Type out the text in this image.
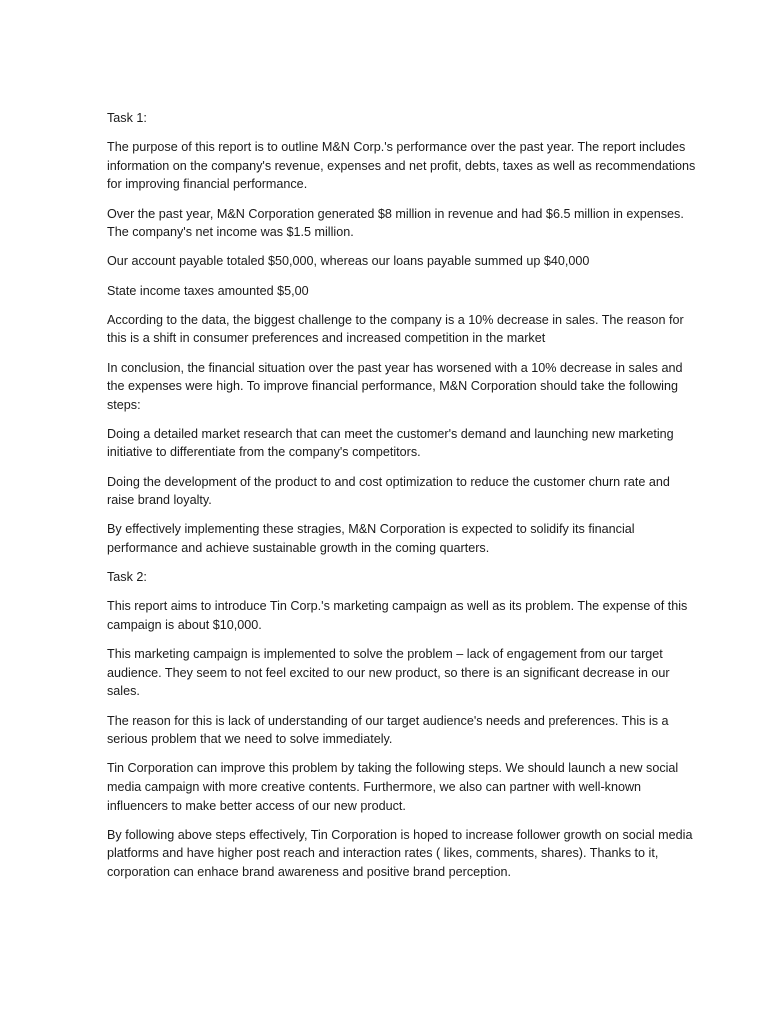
Task 1:

The purpose of this report is to outline M&N Corp.'s performance over the past year. The report includes information on the company's revenue, expenses and net profit, debts, taxes as well as recommendations for improving financial performance.

Over the past year, M&N Corporation generated $8 million in revenue and had $6.5 million in expenses. The company's net income was $1.5 million.

Our account payable totaled $50,000, whereas our loans payable summed up $40,000

State income taxes amounted $5,00

According to the data, the biggest challenge to the company is a 10% decrease in sales. The reason for this is a shift in consumer preferences and increased competition in the market

In conclusion, the financial situation over the past year has worsened with a 10% decrease in sales and the expenses were high. To improve financial performance, M&N Corporation should take the following steps:

Doing a detailed market research that can meet the customer's demand and launching new marketing initiative to differentiate from the company's competitors.

Doing the development of the product to and cost optimization to reduce the customer churn rate and raise brand loyalty.

By effectively implementing these stragies, M&N Corporation is expected to solidify its financial performance and achieve sustainable growth in the coming quarters.

Task 2:

This report aims to introduce Tin Corp.'s marketing campaign as well as its problem. The expense of this campaign is about $10,000.

This marketing campaign is implemented to solve the problem – lack of engagement from our target audience. They seem to not feel excited to our new product, so there is an significant decrease in our sales.

The reason for this is lack of understanding of our target audience's needs and preferences. This is a serious problem that we need to solve immediately.

Tin Corporation can improve this problem by taking the following steps. We should launch a new social media campaign with more creative contents. Furthermore, we also can partner with well-known influencers to make better access of our new product.

By following above steps effectively, Tin Corporation is hoped to increase follower growth on social media platforms and have higher post reach and interaction rates ( likes, comments, shares). Thanks to it, corporation can enhace brand awareness and positive brand perception.
